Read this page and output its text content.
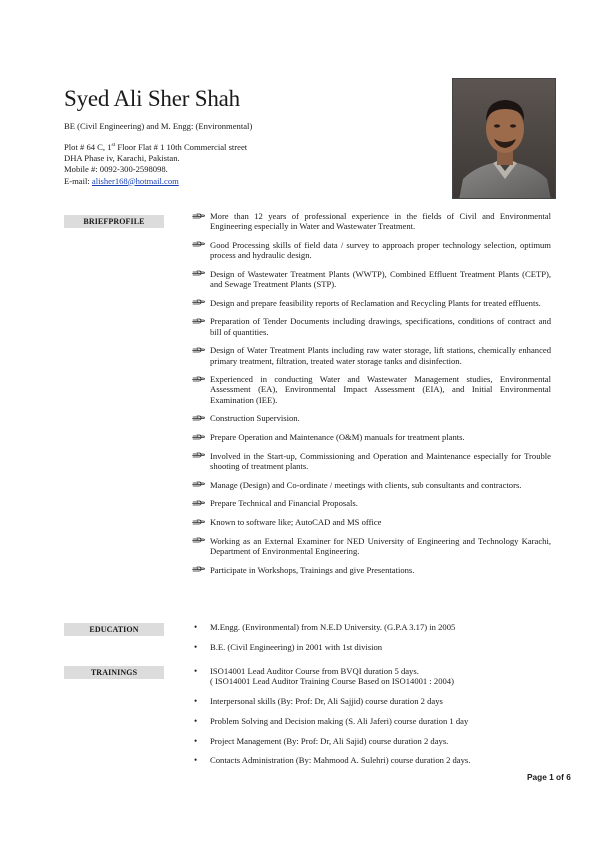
Syed Ali Sher Shah
BE (Civil Engineering) and M. Engg: (Environmental)
Plot # 64 C, 1st Floor Flat # 1 10th Commercial street
DHA Phase iv, Karachi, Pakistan.
Mobile #: 0092-300-2598098.
E-mail: alisher168@hotmail.com
BRIEFPROFILE
More than 12 years of professional experience in the fields of Civil and Environmental Engineering especially in Water and Wastewater Treatment.
Good Processing skills of field data / survey to approach proper technology selection, optimum process and hydraulic design.
Design of Wastewater Treatment Plants (WWTP), Combined Effluent Treatment Plants (CETP), and Sewage Treatment Plants (STP).
Design and prepare feasibility reports of Reclamation and Recycling Plants for treated effluents.
Preparation of Tender Documents including drawings, specifications, conditions of contract and bill of quantities.
Design of Water Treatment Plants including raw water storage, lift stations, chemically enhanced primary treatment, filtration, treated water storage tanks and disinfection.
Experienced in conducting Water and Wastewater Management studies, Environmental Assessment (EA), Environmental Impact Assessment (EIA), and Initial Environmental Examination (IEE).
Construction Supervision.
Prepare Operation and Maintenance (O&M) manuals for treatment plants.
Involved in the Start-up, Commissioning and Operation and Maintenance especially for Trouble shooting of treatment plants.
Manage (Design) and Co-ordinate / meetings with clients, sub consultants and contractors.
Prepare Technical and Financial Proposals.
Known to software like; AutoCAD and MS office
Working as an External Examiner for NED University of Engineering and Technology Karachi, Department of Environmental Engineering.
Participate in Workshops, Trainings and give Presentations.
EDUCATION	• M.Engg. (Environmental) from N.E.D University. (G.P.A 3.17) in 2005
• B.E. (Civil Engineering) in 2001 with 1st division
TRAININGS	• ISO14001 Lead Auditor Course from BVQI duration 5 days.
( ISO14001 Lead Auditor Training Course Based on ISO14001 : 2004)
• Interpersonal skills (By: Prof: Dr, Ali Sajjid) course duration 2 days
• Problem Solving and Decision making (S. Ali Jaferi) course duration 1 day
• Project Management (By: Prof: Dr, Ali Sajid) course duration 2 days.
• Contacts Administration (By: Mahmood A. Sulehri) course duration 2 days.
Page 1 of 6
